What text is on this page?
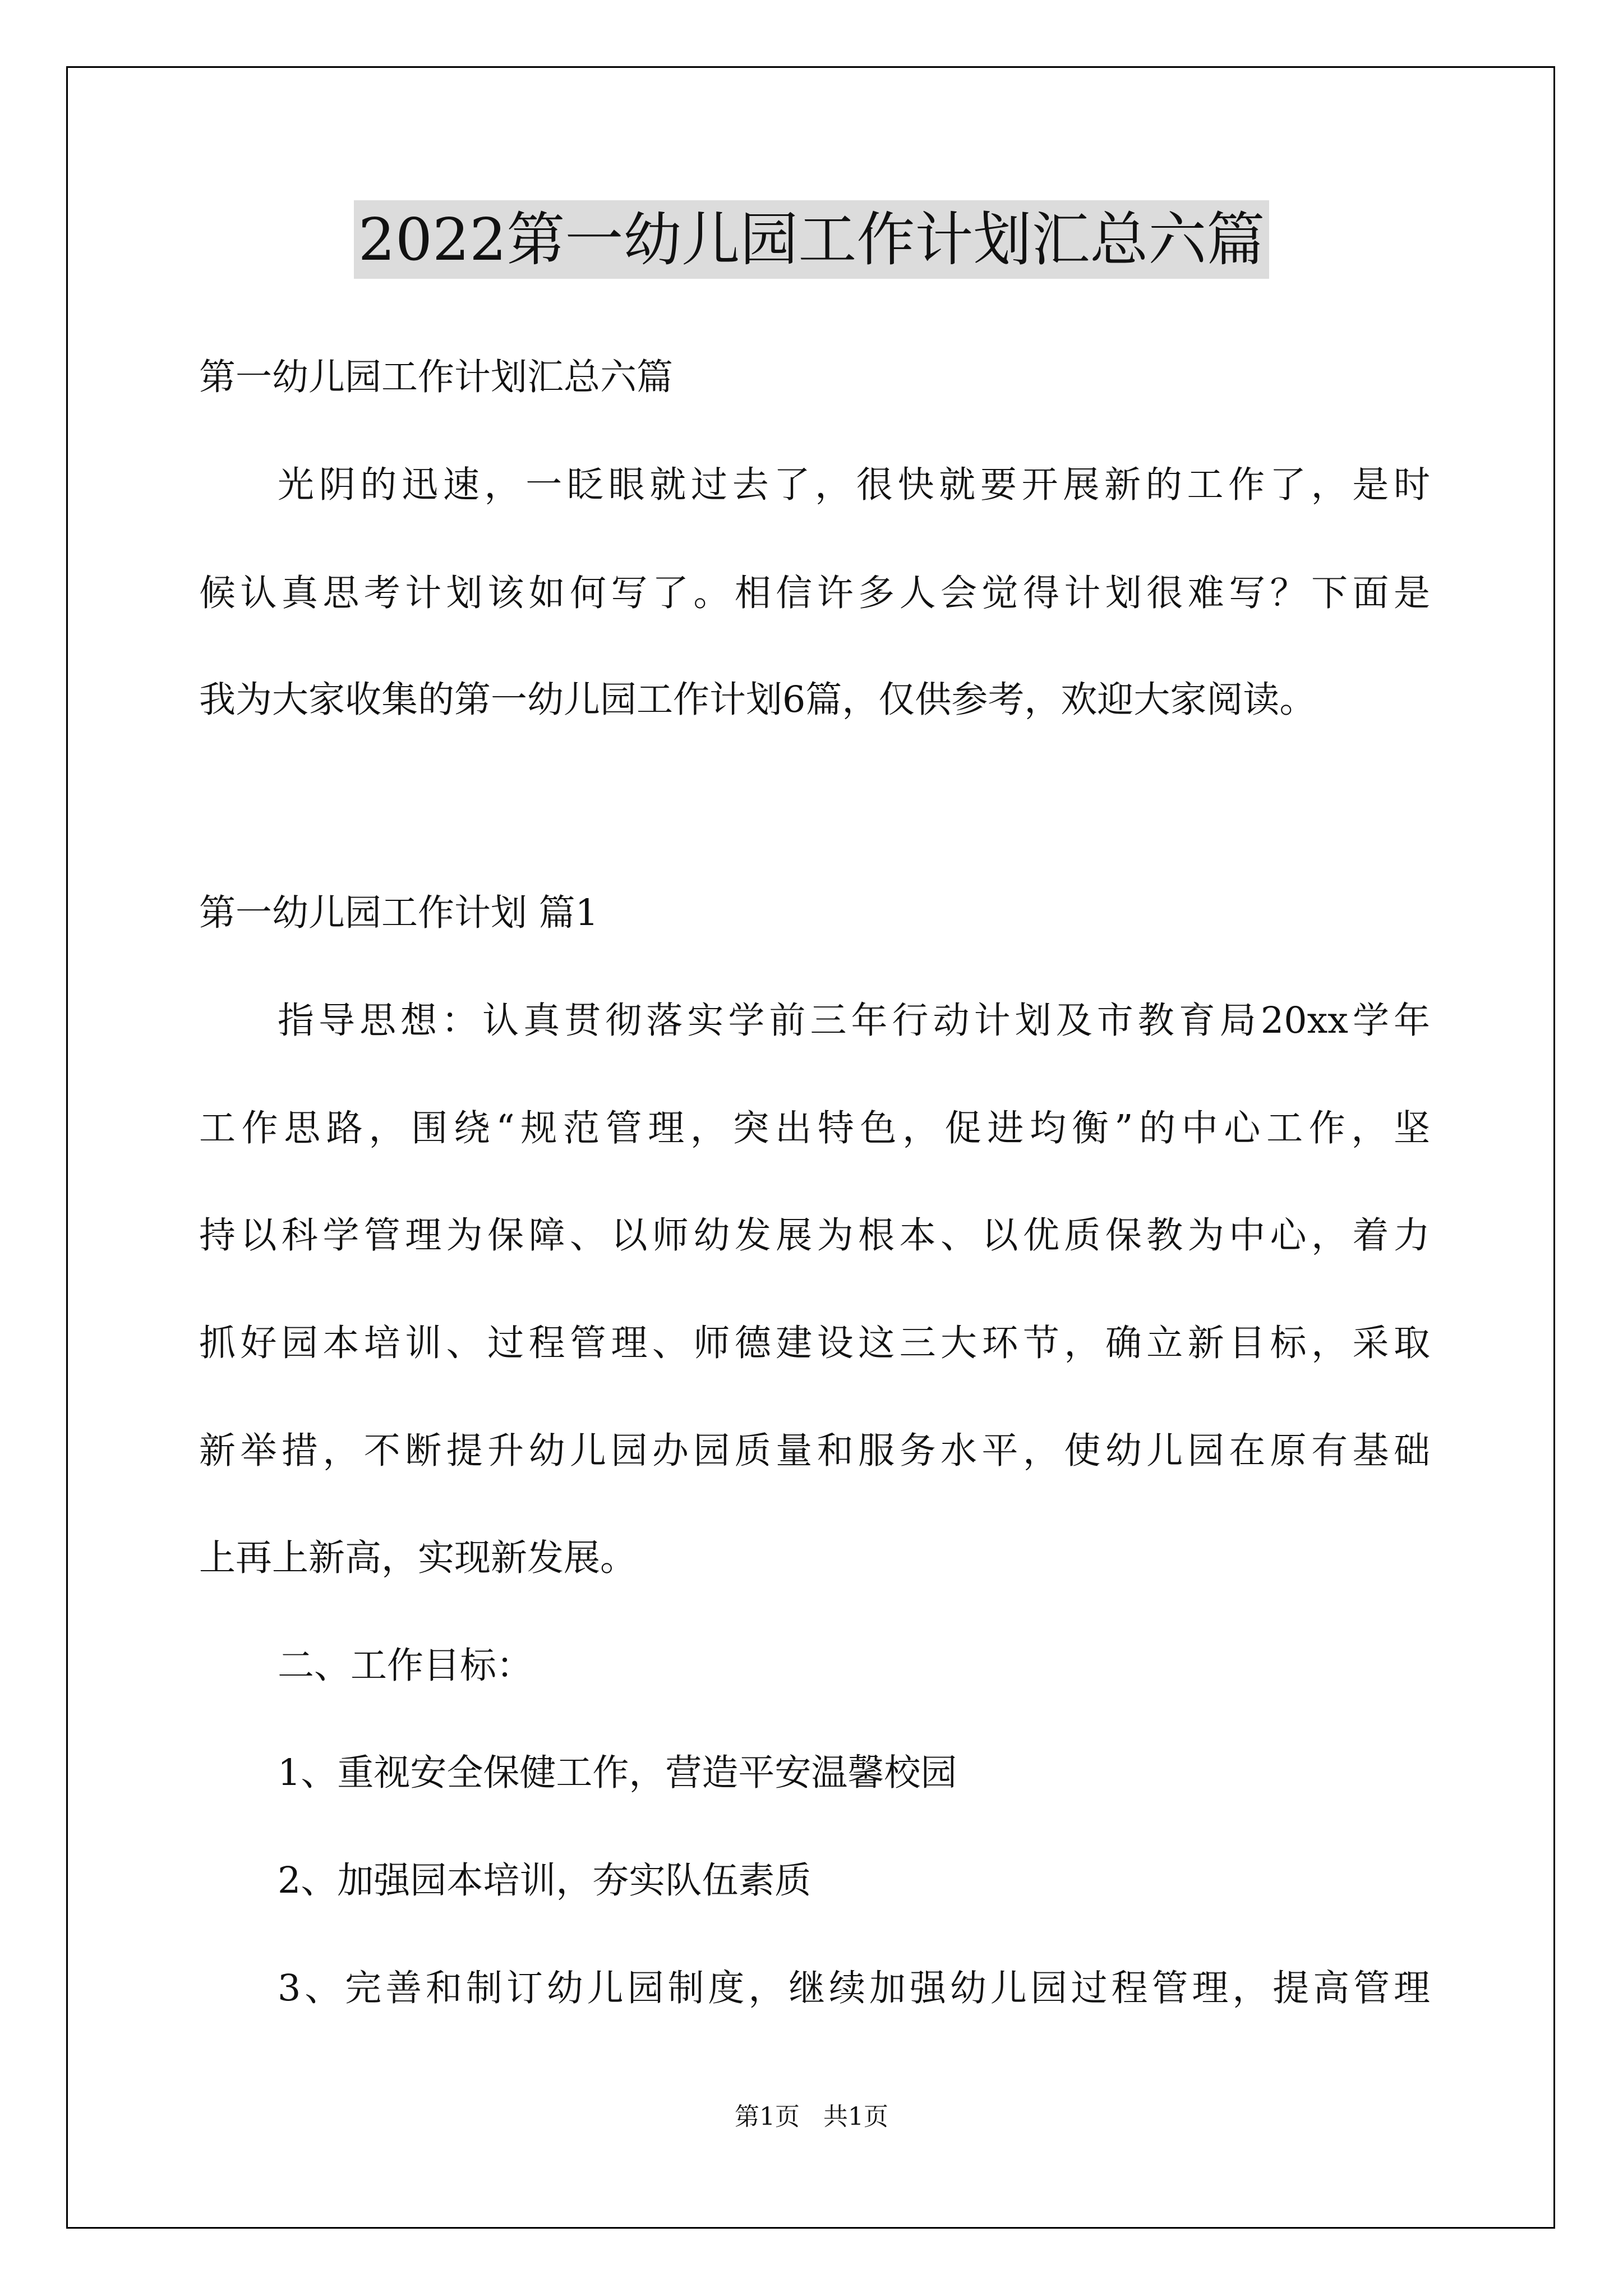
2022第一幼儿园工作计划汇总六篇

第一幼儿园工作计划汇总六篇

光阴的迅速，一眨眼就过去了，很快就要开展新的工作了，是时

候认真思考计划该如何写了。相信许多人会觉得计划很难写？下面是

我为大家收集的第一幼儿园工作计划6篇，仅供参考，欢迎大家阅读。

第一幼儿园工作计划 篇1

指导思想：认真贯彻落实学前三年行动计划及市教育局20xx学年

工作思路，围绕“规范管理，突出特色，促进均衡”的中心工作，坚

持以科学管理为保障、以师幼发展为根本、以优质保教为中心，着力

抓好园本培训、过程管理、师德建设这三大环节，确立新目标，采取

新举措，不断提升幼儿园办园质量和服务水平，使幼儿园在原有基础

上再上新高，实现新发展。

二、工作目标：

1、重视安全保健工作，营造平安温馨校园

2、加强园本培训，夯实队伍素质

3、完善和制订幼儿园制度，继续加强幼儿园过程管理，提高管理

第1页   共1页
